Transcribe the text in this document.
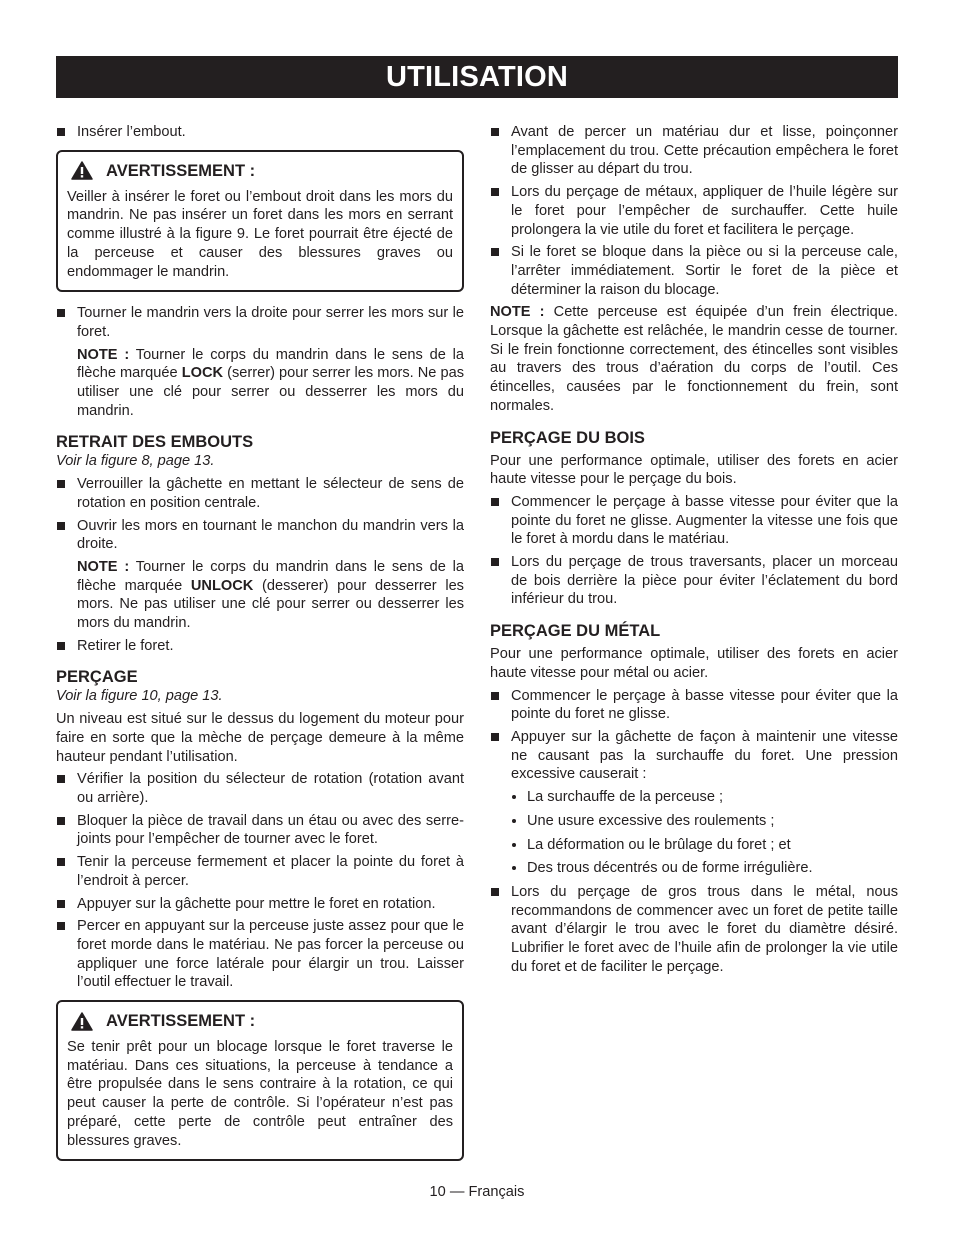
UTILISATION
Insérer l’embout.
AVERTISSEMENT :

Veiller à insérer le foret ou l’embout droit dans les mors du mandrin. Ne pas insérer un foret dans les mors en serrant comme illustré à la figure 9. Le foret pourrait être éjecté de la perceuse et causer des blessures graves ou endommager le mandrin.

Tourner le mandrin vers la droite pour serrer les mors sur le foret.

NOTE : Tourner le corps du mandrin dans le sens de la flèche marquée LOCK (serrer) pour serrer les mors. Ne pas utiliser une clé pour serrer ou desserrer les mors du mandrin.

RETRAIT DES EMBOUTS

Voir la figure 8, page 13.

Verrouiller la gâchette en mettant le sélecteur de sens de rotation en position centrale.
Ouvrir les mors en tournant le manchon du mandrin vers la droite.

NOTE : Tourner le corps du mandrin dans le sens de la flèche marquée UNLOCK (desserer) pour desserrer les mors. Ne pas utiliser une clé pour serrer ou desserrer les mors du mandrin.

Retirer le foret.
PERÇAGE

Voir la figure 10, page 13.

Un niveau est situé sur le dessus du logement du moteur pour faire en sorte que la mèche de perçage demeure à la même hauteur pendant l’utilisation.

Vérifier la position du sélecteur de rotation (rotation avant ou arrière).
Bloquer la pièce de travail dans un étau ou avec des serre-joints pour l’empêcher de tourner avec le foret.
Tenir la perceuse fermement et placer la pointe du foret à l’endroit à percer.
Appuyer sur la gâchette pour mettre le foret en rotation.
Percer en appuyant sur la perceuse juste assez pour que le foret morde dans le matériau. Ne pas forcer la perceuse ou appliquer une force latérale pour élargir un trou. Laisser l’outil effectuer le travail.
AVERTISSEMENT :

Se tenir prêt pour un blocage lorsque le foret traverse le matériau. Dans ces situations, la perceuse à tendance a être propulsée dans le sens contraire à la rotation, ce qui peut causer la perte de contrôle. Si l’opérateur n’est pas préparé, cette perte de contrôle peut entraîner des blessures graves.

Avant de percer un matériau dur et lisse, poinçonner l’emplacement du trou. Cette précaution empêchera le foret de glisser au départ du trou.
Lors du perçage de métaux, appliquer de l’huile légère sur le foret pour l’empêcher de surchauffer. Cette huile prolongera la vie utile du foret et facilitera le perçage.
Si le foret se bloque dans la pièce ou si la perceuse cale, l’arrêter immédiatement. Sortir le foret de la pièce et déterminer la raison du blocage.

NOTE : Cette perceuse est équipée d’un frein électrique. Lorsque la gâchette est relâchée, le mandrin cesse de tourner. Si le frein fonctionne correctement, des étincelles sont visibles au travers des trous d’aération du corps de l’outil. Ces étincelles, causées par le fonctionnement du frein, sont normales.

PERÇAGE DU BOIS

Pour une performance optimale, utiliser des forets en acier haute vitesse pour le perçage du bois.

Commencer le perçage à basse vitesse pour éviter que la pointe du foret ne glisse. Augmenter la vitesse une fois que le foret à mordu dans le matériau.
Lors du perçage de trous traversants, placer un morceau de bois derrière la pièce pour éviter l’éclatement du bord inférieur du trou.
PERÇAGE DU MÉTAL

Pour une performance optimale, utiliser des forets en acier haute vitesse pour métal ou acier.

Commencer le perçage à basse vitesse pour éviter que la pointe du foret ne glisse.
Appuyer sur la gâchette de façon à maintenir une vitesse ne causant pas la surchauffe du foret. Une pression excessive causerait :
La surchauffe de la perceuse ;
Une usure excessive des roulements ;
La déformation ou le brûlage du foret ; et
Des trous décentrés ou de forme irrégulière.
Lors du perçage de gros trous dans le métal, nous recommandons de commencer avec un foret de petite taille avant d’élargir le trou avec le foret du diamètre désiré. Lubrifier le foret avec de l’huile afin de prolonger la vie utile du foret et de faciliter le perçage.
10 — Français
